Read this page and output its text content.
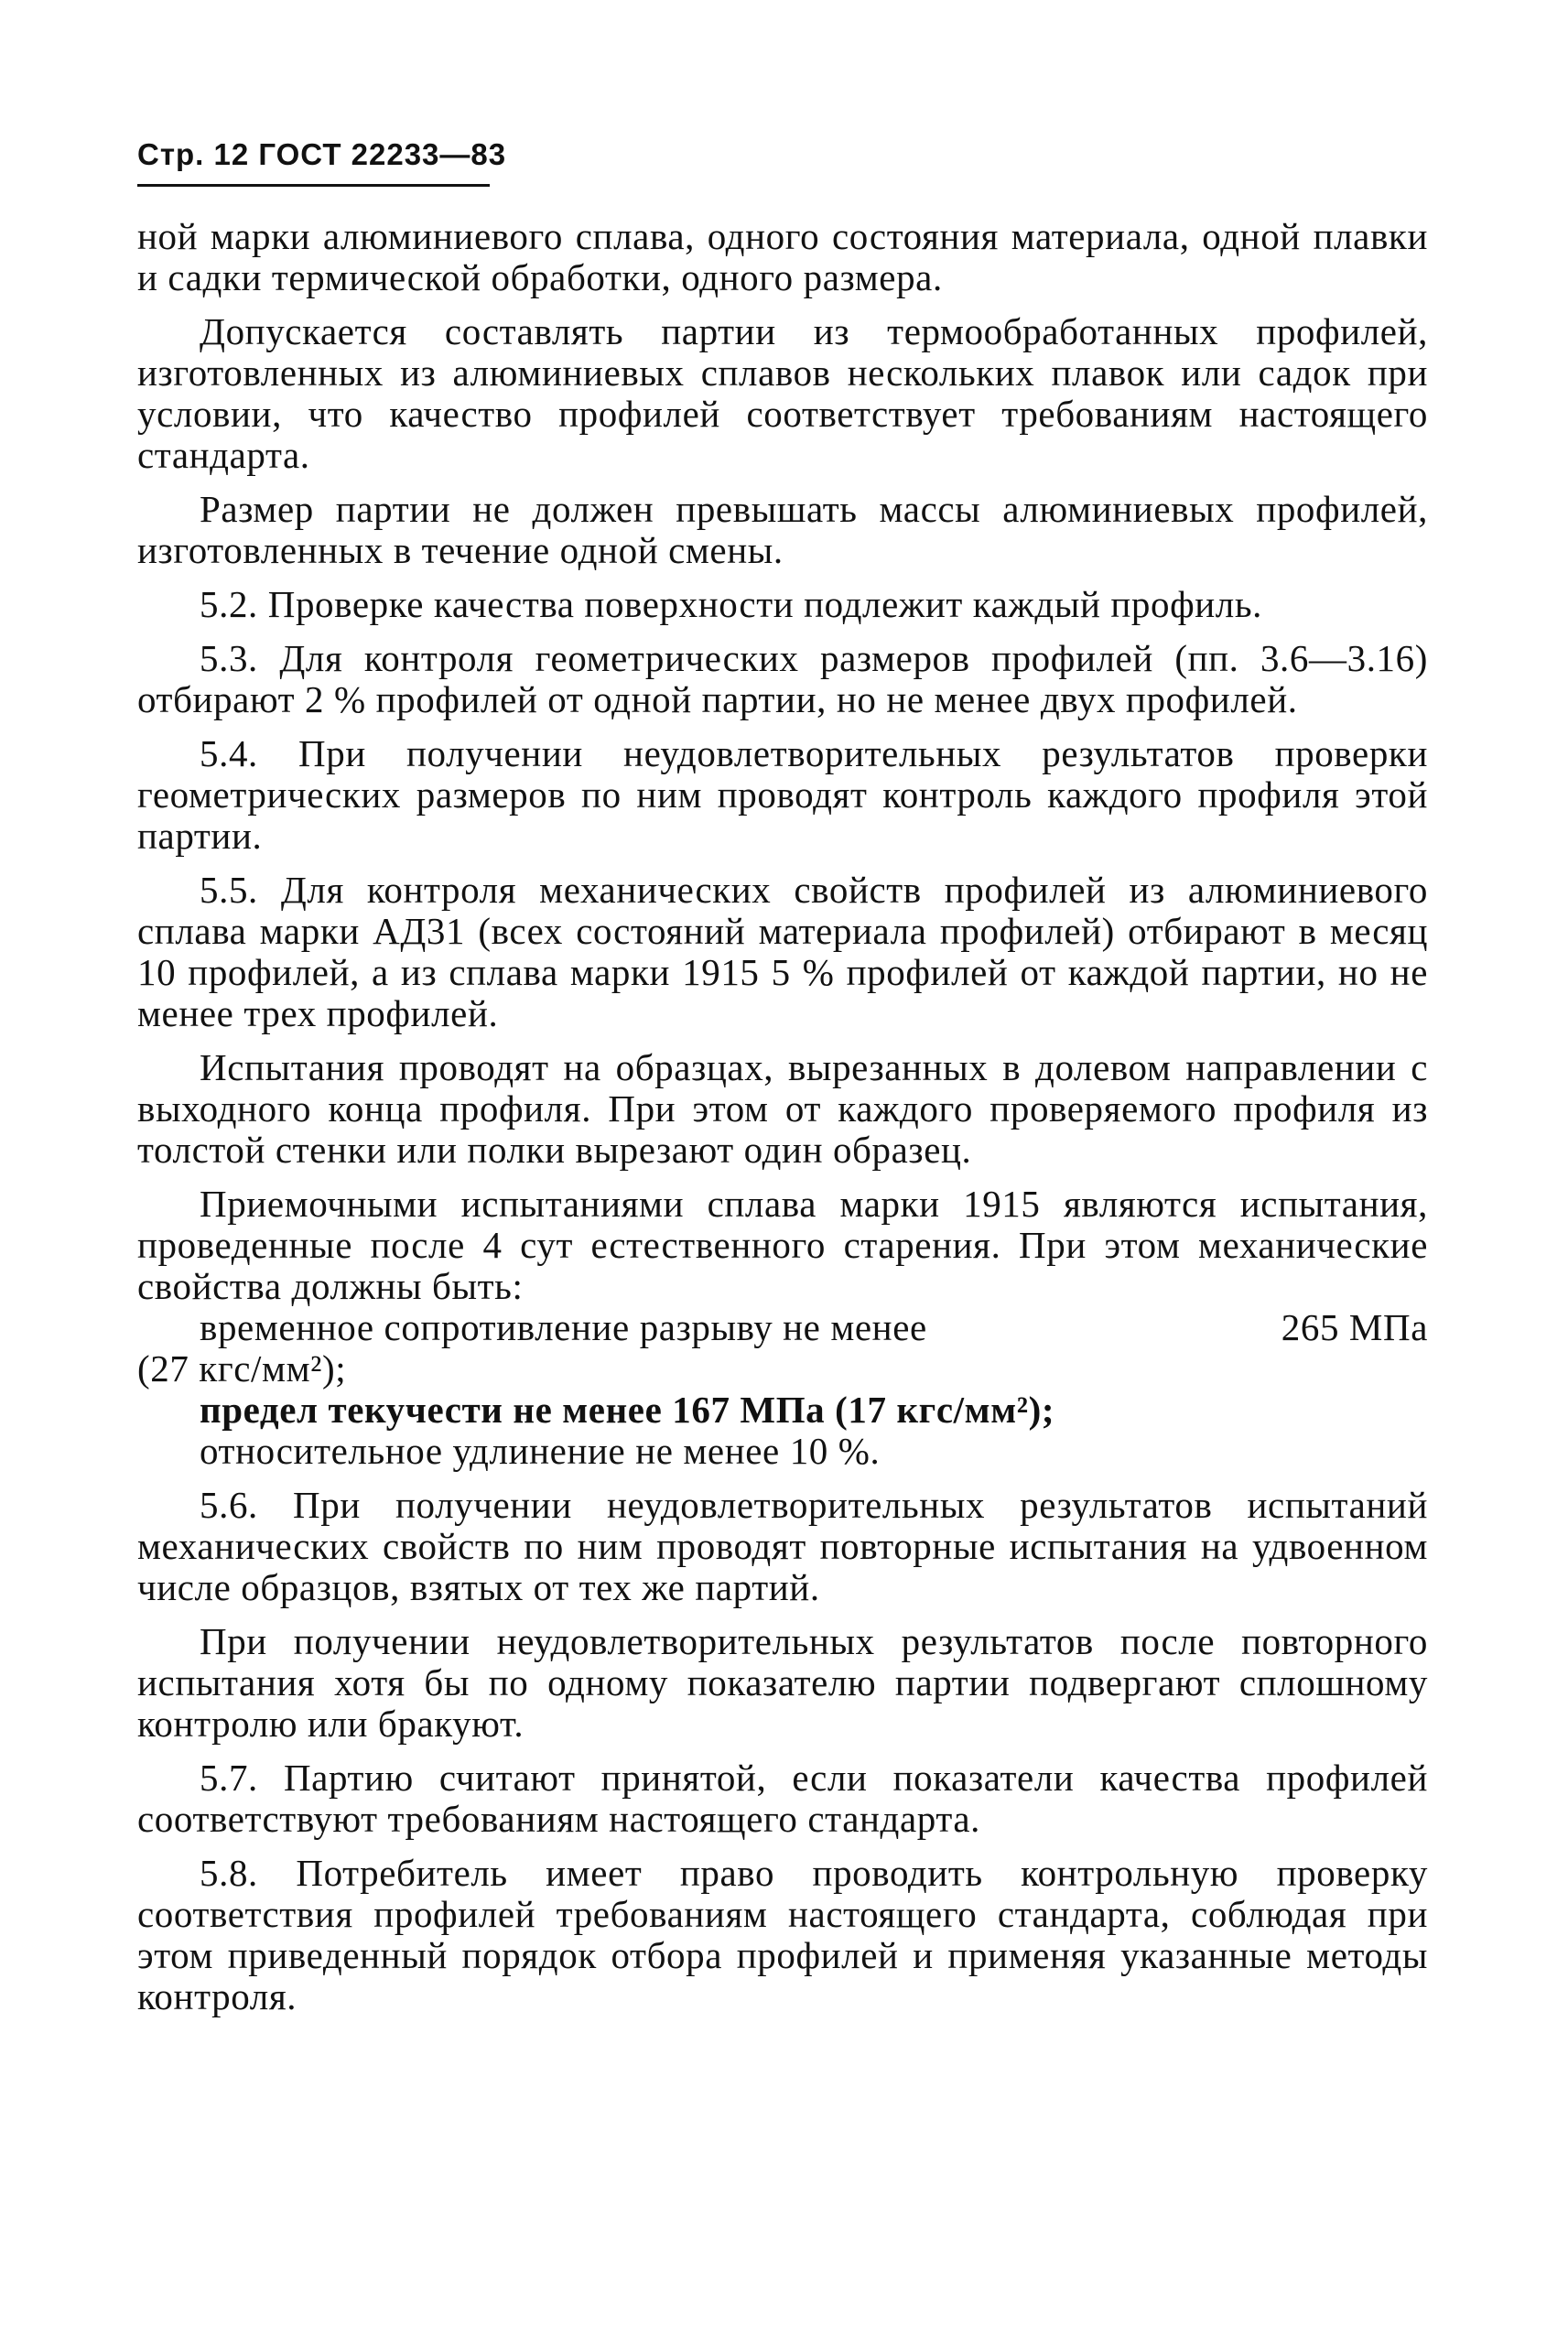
Стр. 12 ГОСТ 22233—83

ной марки алюминиевого сплава, одного состояния материала, одной плавки и садки термической обработки, одного размера.

Допускается составлять партии из термообработанных профилей, изготовленных из алюминиевых сплавов нескольких плавок или садок при условии, что качество профилей соответствует требованиям настоящего стандарта.

Размер партии не должен превышать массы алюминиевых профилей, изготовленных в течение одной смены.

5.2. Проверке качества поверхности подлежит каждый профиль.

5.3. Для контроля геометрических размеров профилей (пп. 3.6—3.16) отбирают 2 % профилей от одной партии, но не менее двух профилей.

5.4. При получении неудовлетворительных результатов проверки геометрических размеров по ним проводят контроль каждого профиля этой партии.

5.5. Для контроля механических свойств профилей из алюминиевого сплава марки АД31 (всех состояний материала профилей) отбирают в месяц 10 профилей, а из сплава марки 1915 5 % профилей от каждой партии, но не менее трех профилей.

Испытания проводят на образцах, вырезанных в долевом направлении с выходного конца профиля. При этом от каждого проверяемого профиля из толстой стенки или полки вырезают один образец.

Приемочными испытаниями сплава марки 1915 являются испытания, проведенные после 4 сут естественного старения. При этом механические свойства должны быть:

временное сопротивление разрыву не менее	265 МПа

(27 кгс/мм²);

предел текучести не менее 167 МПа (17 кгс/мм²);

относительное удлинение не менее 10 %.

5.6. При получении неудовлетворительных результатов испытаний механических свойств по ним проводят повторные испытания на удвоенном числе образцов, взятых от тех же партий.

При получении неудовлетворительных результатов после повторного испытания хотя бы по одному показателю партии подвергают сплошному контролю или бракуют.

5.7. Партию считают принятой, если показатели качества профилей соответствуют требованиям настоящего стандарта.

5.8. Потребитель имеет право проводить контрольную проверку соответствия профилей требованиям настоящего стандарта, соблюдая при этом приведенный порядок отбора профилей и применяя указанные методы контроля.
